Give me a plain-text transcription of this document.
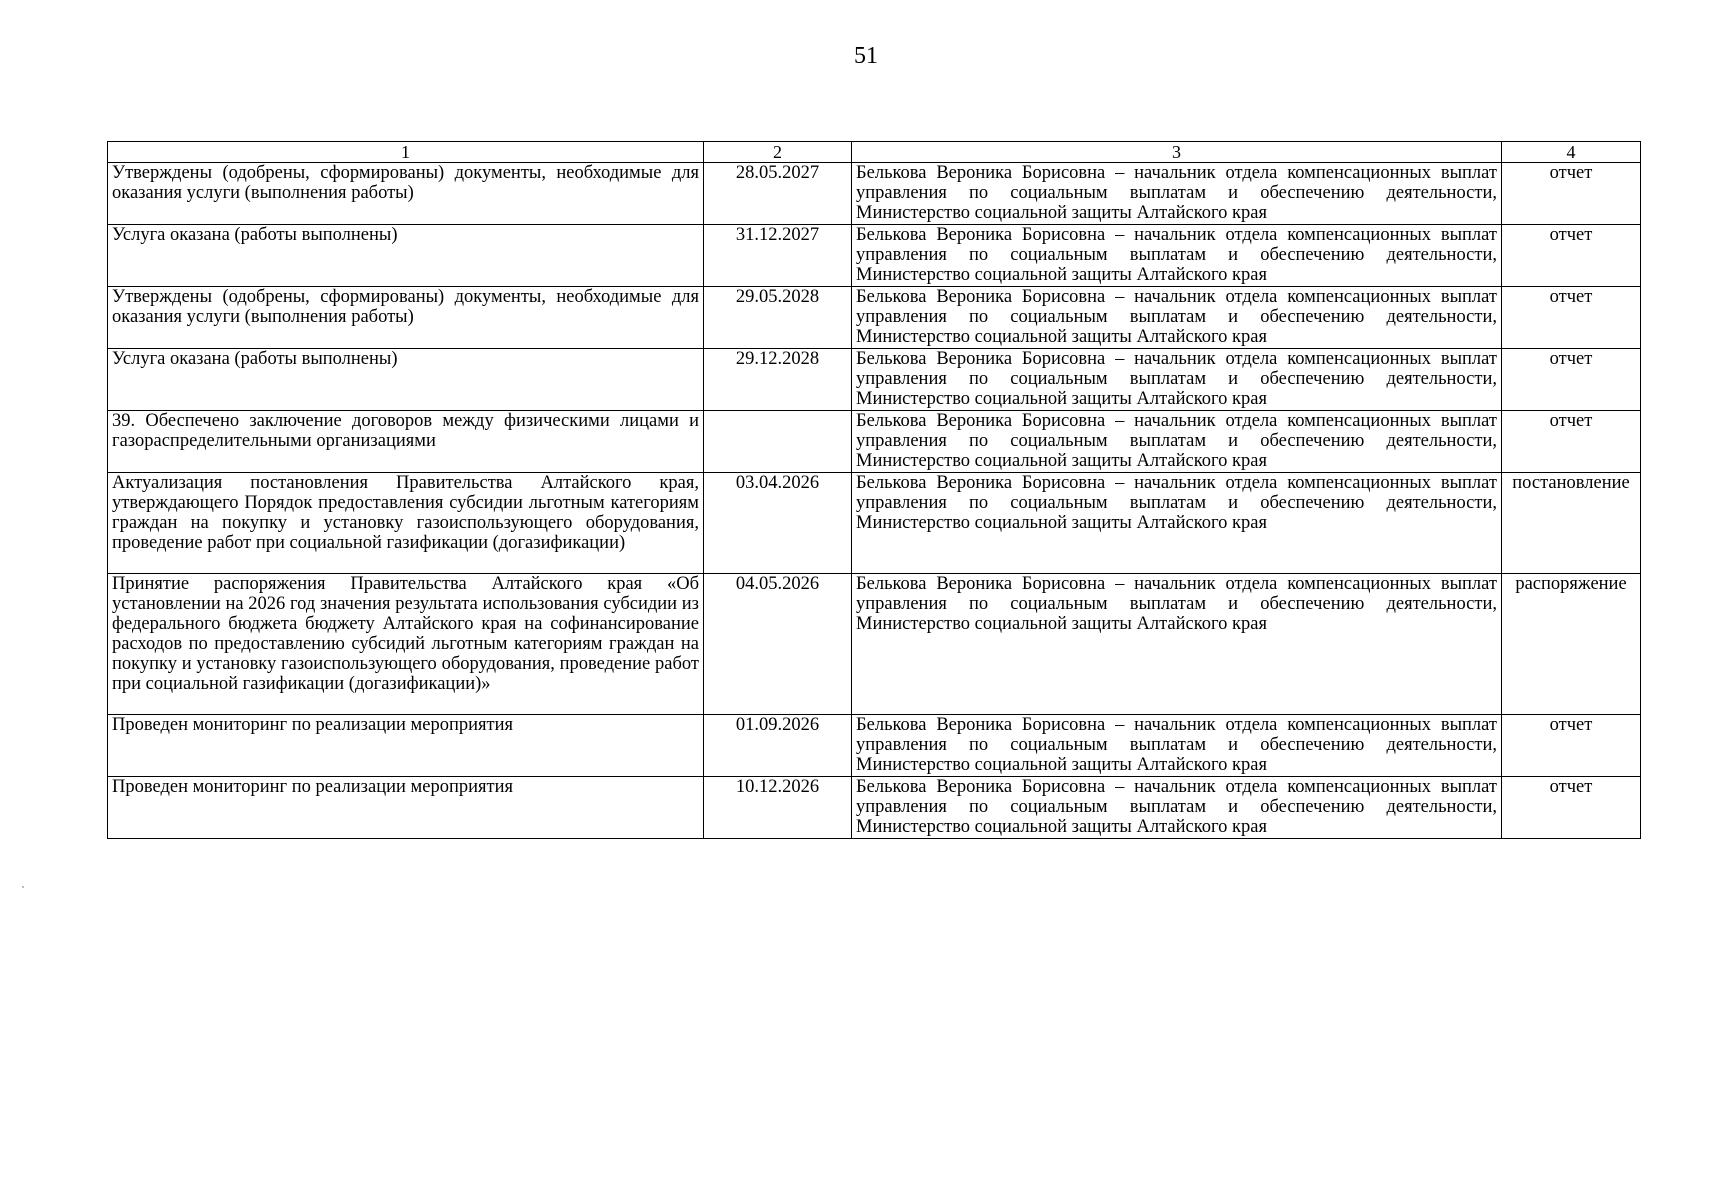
51
1	2	3	4
Утверждены (одобрены, сформированы) документы, необходимые для оказания услуги (выполнения работы)	28.05.2027	Белькова Вероника Борисовна – начальник отдела компенсационных выплат управления по социальным выплатам и обеспечению деятельности, Министерство социальной защиты Алтайского края	отчет
Услуга оказана (работы выполнены)	31.12.2027	Белькова Вероника Борисовна – начальник отдела компенсационных выплат управления по социальным выплатам и обеспечению деятельности, Министерство социальной защиты Алтайского края	отчет
Утверждены (одобрены, сформированы) документы, необходимые для оказания услуги (выполнения работы)	29.05.2028	Белькова Вероника Борисовна – начальник отдела компенсационных выплат управления по социальным выплатам и обеспечению деятельности, Министерство социальной защиты Алтайского края	отчет
Услуга оказана (работы выполнены)	29.12.2028	Белькова Вероника Борисовна – начальник отдела компенсационных выплат управления по социальным выплатам и обеспечению деятельности, Министерство социальной защиты Алтайского края	отчет
39. Обеспечено заключение договоров между физическими лицами и газораспределительными организациями		Белькова Вероника Борисовна – начальник отдела компенсационных выплат управления по социальным выплатам и обеспечению деятельности, Министерство социальной защиты Алтайского края	отчет
Актуализация постановления Правительства Алтайского края, утверждающего Порядок предоставления субсидии льготным категориям граждан на покупку и установку газоиспользующего оборудования, проведение работ при социальной газификации (догазификации)	03.04.2026	Белькова Вероника Борисовна – начальник отдела компенсационных выплат управления по социальным выплатам и обеспечению деятельности, Министерство социальной защиты Алтайского края	постановление
Принятие распоряжения Правительства Алтайского края «Об установлении на 2026 год значения результата использования субсидии из федерального бюджета бюджету Алтайского края на софинансирование расходов по предоставлению субсидий льготным категориям граждан на покупку и установку газоиспользующего оборудования, проведение работ при социальной газификации (догазификации)»	04.05.2026	Белькова Вероника Борисовна – начальник отдела компенсационных выплат управления по социальным выплатам и обеспечению деятельности, Министерство социальной защиты Алтайского края	распоряжение
Проведен мониторинг по реализации мероприятия	01.09.2026	Белькова Вероника Борисовна – начальник отдела компенсационных выплат управления по социальным выплатам и обеспечению деятельности, Министерство социальной защиты Алтайского края	отчет
Проведен мониторинг по реализации мероприятия	10.12.2026	Белькова Вероника Борисовна – начальник отдела компенсационных выплат управления по социальным выплатам и обеспечению деятельности, Министерство социальной защиты Алтайского края	отчет
